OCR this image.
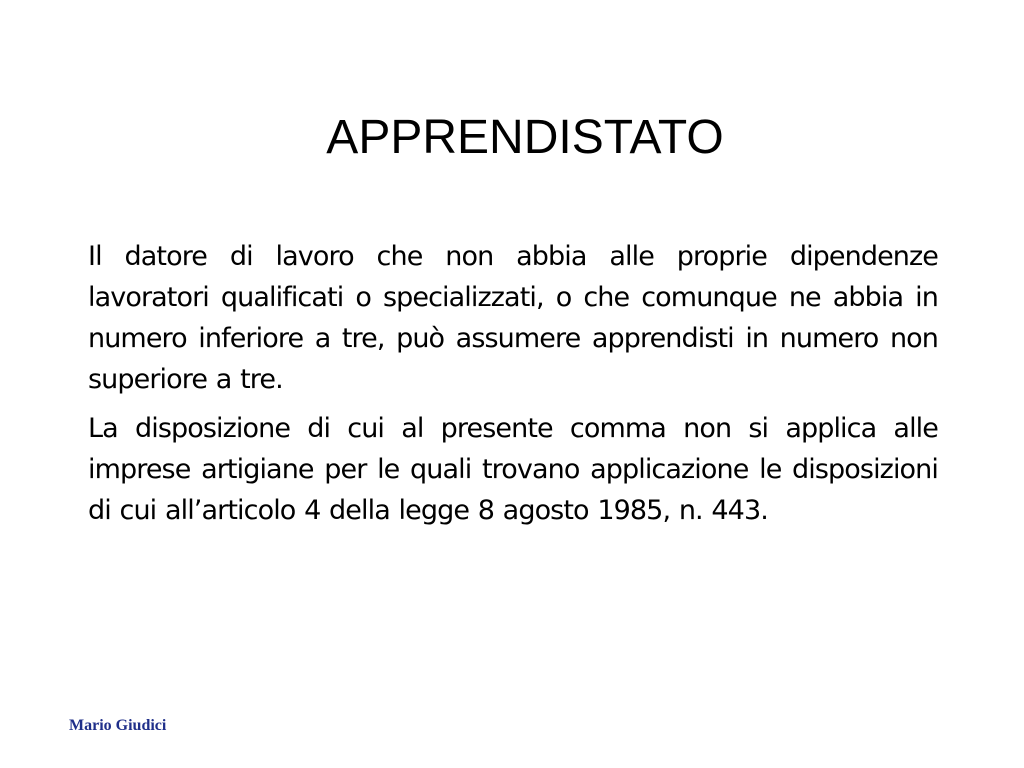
APPRENDISTATO

Il datore di lavoro che non abbia alle proprie dipendenze lavoratori qualificati o specializzati, o che comunque ne abbia in numero inferiore a tre, può assumere apprendisti in numero non superiore a tre.

La disposizione di cui al presente comma non si applica alle imprese artigiane per le quali trovano applicazione le disposizioni di cui all’articolo 4 della legge 8 agosto 1985, n. 443.

Mario Giudici
